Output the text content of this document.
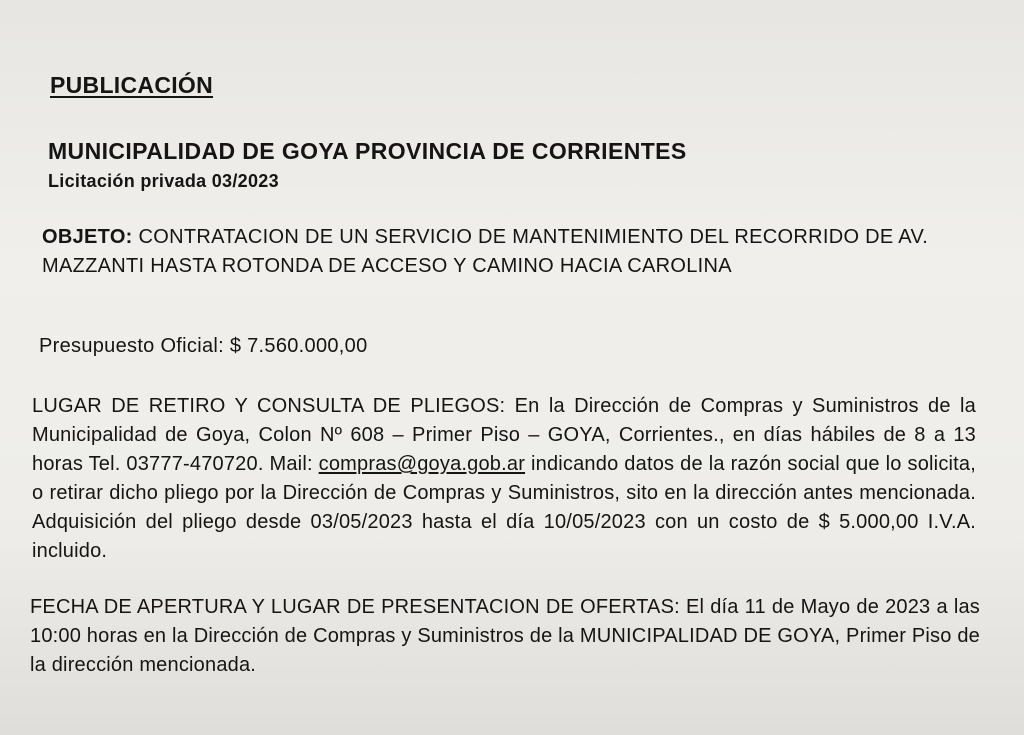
PUBLICACIÓN
MUNICIPALIDAD DE GOYA PROVINCIA DE CORRIENTES
Licitación privada 03/2023

OBJETO: CONTRATACION DE UN SERVICIO DE MANTENIMIENTO DEL RECORRIDO DE AV. MAZZANTI HASTA ROTONDA DE ACCESO Y CAMINO HACIA CAROLINA

Presupuesto Oficial: $ 7.560.000,00

LUGAR DE RETIRO Y CONSULTA DE PLIEGOS: En la Dirección de Compras y Suministros de la Municipalidad de Goya, Colon Nº 608 – Primer Piso – GOYA, Corrientes., en días hábiles de 8 a 13 horas Tel. 03777-470720. Mail: compras@goya.gob.ar indicando datos de la razón social que lo solicita, o retirar dicho pliego por la Dirección de Compras y Suministros, sito en la dirección antes mencionada. Adquisición del pliego desde 03/05/2023 hasta el día 10/05/2023 con un costo de $ 5.000,00 I.V.A. incluido.

FECHA DE APERTURA Y LUGAR DE PRESENTACION DE OFERTAS: El día 11 de Mayo de 2023 a las 10:00 horas en la Dirección de Compras y Suministros de la MUNICIPALIDAD DE GOYA, Primer Piso de la dirección mencionada.
